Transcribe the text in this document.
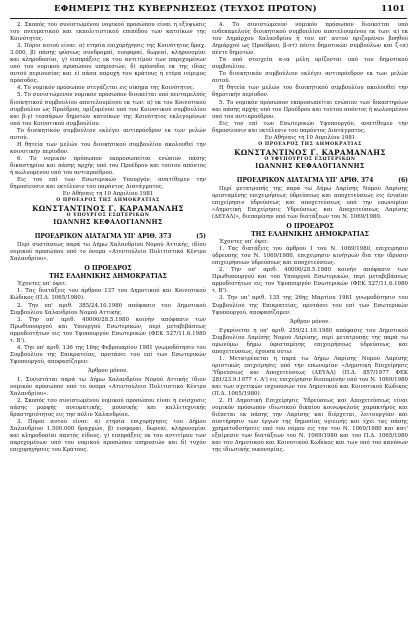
ΕΦΗΜΕΡΙΣ ΤΗΣ ΚΥΒΕΡΝΗΣΕΩΣ (ΤΕΥΧΟΣ ΠΡΩΤΟΝ)	1101

2. Σκοπός του συνιστωμένου νομικού προσώπου είναι η εξύψωσις του πνευματικού και εκπολιτιστικού επιπέδου των κατοίκων της Κοινότητος.

3. Πόροι αυτού είναι: α) ετησία επιχορήγησις της Κοινότητος δραχ. 3.000, β) πάσης φύσεως συνδρομαί, εισφοραί, δωρεαί, κληρονομίαι και κληροδοσίαι, γ) εισπράξεις εκ του αντιτίμου των παρεχομένων υπό του νομικού προσώπου υπηρεσιών, δ) πρόσοδοι εκ της ιδίας αυτού περιουσίας και ε) πάσα παροχή του κράτους ή ετέρα νόμιμος πρόσοδος.

4. Το νομικόν πρόσωπον στεγάζεται εις οίκημα της Κοινότητος.

5. Το συνιστώμενον νομικόν πρόσωπον διοικείται υπό πενταμελούς διοικητικού συμβουλίου αποτελουμένου εκ των: α) εκ του Κοινοτικού συμβούλου ως Προέδρου, ορίζομένου υπό του Κοινοτικού συμβουλίου και β-γ) τεσσάρων δημοτών κατοίκων της Κοινότητος εκλεγομένων υπό του Κοινοτικού συμβουλίου.

Το διοικητικόν συμβούλιον εκλέγει αντιπρόεδρον εκ των μελών αυτού.

Η θητεία των μελών του διοικητικού συμβουλίου ακολουθεί την κοινοτικήν περίοδον.

6. Το νομικόν πρόσωπον εκπροσωπείται ενώπιον πάσης δικαστηρίου και πάσης αρχής υπό του Προέδρου και τούτου απόντος ή κωλυομένου υπό του αντιπροέδρου.

Εις τον επί των Εσωτερικών Υπουργόν, ανατίθεμεν την δημοσίευσιν και εκτέλεσιν του παρόντος Διατάγματος.

Εν Αθήναις τη 10 Απριλίου 1981

Ο ΠΡΟΕΔΡΟΣ ΤΗΣ ΔΗΜΟΚΡΑΤΙΑΣ

ΚΩΝΣΤΑΝΤΙΝΟΣ Γ. ΚΑΡΑΜΑΝΛΗΣ

Ο ΥΠΟΥΡΓΟΣ ΕΣΩΤΕΡΙΚΩΝ

ΙΩΑΝΝΗΣ ΚΕΦΑΛΟΓΙΑΝΝΗΣ

ΠΡΟΕΔΡΙΚΟΝ ΔΙΑΤΑΓΜΑ ΥΠ' ΑΡΙΘ. 373	(5)

Περί συστάσεως παρά τω Δήμω Χαλανδρίου Νομού Αττικής, ιδίου νομικού προσώπου υπό το όνομα «Ατεντούλειο Πολιτιστικό Κέντρο Χαλανδρίου».

Ο ΠΡΟΕΔΡΟΣ

ΤΗΣ ΕΛΛΗΝΙΚΗΣ ΔΗΜΟΚΡΑΤΙΑΣ

Έχοντες υπ' όψει:

1. Τας διατάξεις του άρθρου 137 του Δημοτικού και Κοινοτικού Κώδικος (Π.Δ. 1065/1980).

2. Την υπ' αριθ. 385/24.10.1980 απόφασιν του Δημοτικού Συμβουλίου Χαλανδρίου Νομού Αττικής.

3. Την υπ' αριθ. 40000/28.5.1980 κοινήν απόφασιν των Πρωθυπουργού και Υπουργού Εσωτερικών, περί μεταβιβάσεως αρμοδιοτήτων εις τον Υφυπουργόν Εσωτερικών (ΦΕΚ 527/11.6.1980 τ. Β').

4. Την υπ' αριθ. 136 της 16ης Φεβρουαρίου 1981 γνωμοδότησιν του Συμβουλίου της Επικρατείας, προτάσει του επί των Εσωτερικών Υφυπουργού, αποφασίζομεν:

Άρθρον μόνον.

1. Συνιστάται παρά τω Δήμω Χαλανδρίου Νομού Αττικής ίδιον νομικόν πρόσωπον υπό το όνομα «Ατεντούλειο Πολιτιστικό Κέντρο Χαλανδρίου».

2. Σκοπός του συνιστωμένου νομικού προσώπου είναι η ενίσχυσις πάσης μορφής πνευματικής, μουσικής και καλλιτεχνικής δραστηριότητος εις την πόλιν Χαλανδρίου.

3. Πόροι αυτού είναι: α) ετησία επιχορήγησις του Δήμου Χαλανδρίου 1.500.000 δραχμών, β) εισφοραί, δωρεαί, κληρονομίαι και κληροδοσίαι παντός είδους, γ) εισπράξεις εκ του αντιτίμου των παρεχομένων υπό του νομικού προσώπου υπηρεσιών και δ) τυχόν επιχορηγήσεις του Κράτους.

4. Το συνιστώμενον νομικόν πρόσωπον διοικείται υπό ενδεκαμελούς διοικητικού συμβουλίου αποτελουμένου εκ των: α) εκ του Δημάρχου Χαλανδρίου ή του υπ' αυτού οριζομένου βοηθού Δημάρχου ως Προέδρου, β-στ) πέντε δημοτικών συμβούλων και ζ-ια) πέντε δημοτών.

Τα υπό στοιχεία α-ια μέλη ορίζονται υπό του δημοτικού συμβουλίου.

Το διοικητικόν συμβούλιον εκλέγει αντιπρόεδρον εκ των μελών αυτού.

Η θητεία των μελών του διοικητικού συμβουλίου ακολουθεί την δημοτικήν περίοδον.

5. Το νομικόν πρόσωπον εκπροσωπείται ενώπιον των δικαστηρίων και πάσης αρχής υπό του Προέδρου και τούτου απόντος ή κωλυομένου υπό του αντιπροέδρου.

Εις τον επί των Εσωτερικών Υφυπουργόν, ανατίθεμεν την δημοσίευσιν και εκτέλεσιν του παρόντος Διατάγματος.

Εν Αθήναις τη 10 Απριλίου 1981

Ο ΠΡΟΕΔΡΟΣ ΤΗΣ ΔΗΜΟΚΡΑΤΙΑΣ

ΚΩΝΣΤΑΝΤΙΝΟΣ Γ. ΚΑΡΑΜΑΝΛΗΣ

Ο ΥΦΥΠΟΥΡΓΟΣ ΕΣΩΤΕΡΙΚΩΝ

ΙΩΑΝΝΗΣ ΚΕΦΑΛΟΓΙΑΝΝΗΣ

ΠΡΟΕΔΡΙΚΟΝ ΔΙΑΤΑΓΜΑ ΥΠ' ΑΡΙΘ. 374	(6)

Περί μετατροπής της παρά τω Δήμω Λαρίσης Νομού Λαρίσης ορισταμένης επιχειρήσεως ύδρεύσεως και αποχετεύσεως εις ένιαίαν επιχείρησιν ύδρεύσεως και αποχετεύσεως υπό την επωνυμίαν «Δημοτική Επιχείρησις Υδρεύσεως και Αποχετεύσεως Λαρίσης (ΔΕΥΑΛ)», διεπομένην υπό των διατάξεων του Ν. 1069/1980.

Ο ΠΡΟΕΔΡΟΣ

ΤΗΣ ΕΛΛΗΝΙΚΗΣ ΔΗΜΟΚΡΑΤΙΑΣ

Έχοντες υπ' όψει:

1. Τας διατάξεις του άρθρου 1 του Ν. 1069/1980, επιχειρησιν ύδρευσης του Ν. 1069/1980, επιχειρησιν κινήτρων δια την ίδρυσιν επιχειρήσεων ύδρεύσεως και αποχετεύσεως.

2. Την υπ' αριθ. 40000/28.5.1980 κοινήν απόφασιν των Πρωθυπουργού και του Υπουργού Εσωτερικών, περί μεταβιβάσεως αρμοδιοτήτων εις τον Υφυπουργόν Εσωτερικών (ΦΕΚ 527/11.6.1980 τ. Β').

3. Την υπ' αριθ. 135 της 26ης Μαρτίου 1981 γνωμοδότησιν του Συμβουλίου της Επικρατείας, προτάσει του επί των Εσωτερικών Υφυπουργού, αποφασίζομεν:

Άρθρον μόνον.

Εγκρίνεται η υπ' αριθ. 259/21.10.1980 απόφασις του Δημοτικού Συμβουλίου Λαρίσης Νομού Λαρίσης, περί μετατροπής της παρά τω ομωνύμω δήμω ύφισταμένης επιχειρήσεως ύδρεύσεως και αποχετεύσεως, έχουσα ούτω:

1. Μετατρέπεται η παρά τω Δήμω Λαρίσης Νομού Λαρίσης οριστικώς επιχείρησις υπό την επωνυμίαν «Δημοτική Επιχείρησις Ύδρεύσεως και Αποχετεύσεως (ΔΕΥΑΛ) (Π.Δ. 857/1977 ΦΕΚ 281/23.9.1977 τ. Α') εις επιχείρησιν διεπομένην υπό του Ν. 1069/1980 και των σχετικών ισχυουσών του Δημοτικού και Κοινοτικού Κώδικος (Π.Δ. 1065/1980).

2. Η Δημοτική Επιχείρησις Ύδρεύσεως και Αποχετεύσεως είναι νομικόν πρόσωπον ιδιωτικού δικαίου κοινωφελούς χαρακτήρος και διέπεται εκ πάσης την Λαρίσης και διέρχεται, λειτουργίαν και συντήρησιν των έργων της δημοσίας υγιεινής και έχει τας πάσης χρηματοδοτήσεις υπό του νόμου εις την του Ν. 1069/1980 και κατ' εξαίρεσιν των διατάξεων του Ν. 1069/1980 και του Π.Δ. 1065/1980 και του Δημοτικού και Κοινοτικού Κώδικος και των υπό του κανόνων της ιδιωτικής οικονομίας.
